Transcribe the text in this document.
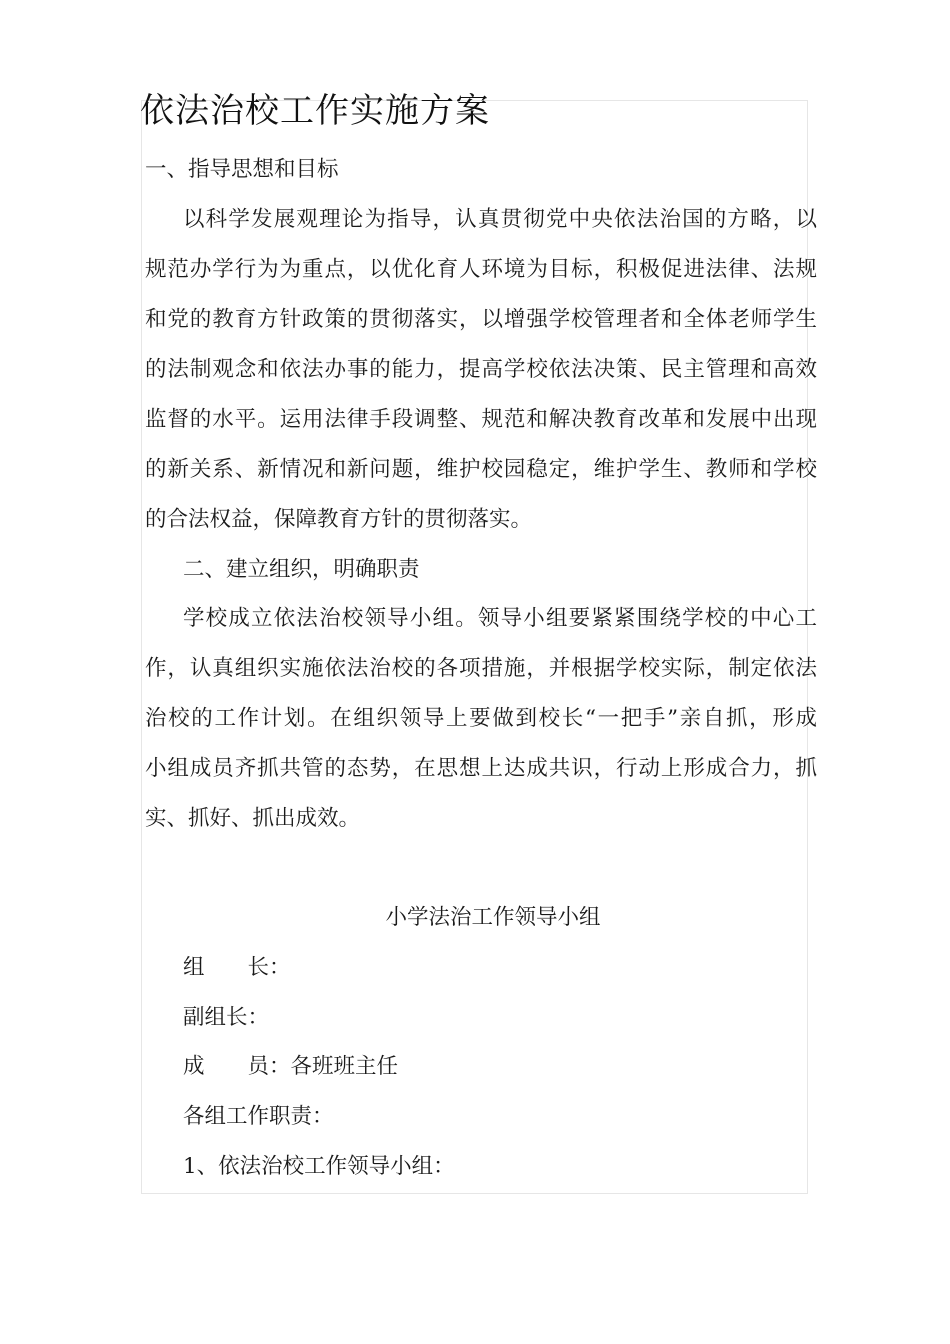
依法治校工作实施方案
一、指导思想和目标
以科学发展观理论为指导，认真贯彻党中央依法治国的方略，以
规范办学行为为重点，以优化育人环境为目标，积极促进法律、法规
和党的教育方针政策的贯彻落实，以增强学校管理者和全体老师学生
的法制观念和依法办事的能力，提高学校依法决策、民主管理和高效
监督的水平。运用法律手段调整、规范和解决教育改革和发展中出现
的新关系、新情况和新问题，维护校园稳定，维护学生、教师和学校
的合法权益，保障教育方针的贯彻落实。
二、建立组织，明确职责
学校成立依法治校领导小组。领导小组要紧紧围绕学校的中心工
作，认真组织实施依法治校的各项措施，并根据学校实际，制定依法
治校的工作计划。在组织领导上要做到校长“一把手”亲自抓，形成
小组成员齐抓共管的态势，在思想上达成共识，行动上形成合力，抓
实、抓好、抓出成效。
小学法治工作领导小组
组　　长：
副组长：
成　　员：各班班主任
各组工作职责：
1、依法治校工作领导小组：
